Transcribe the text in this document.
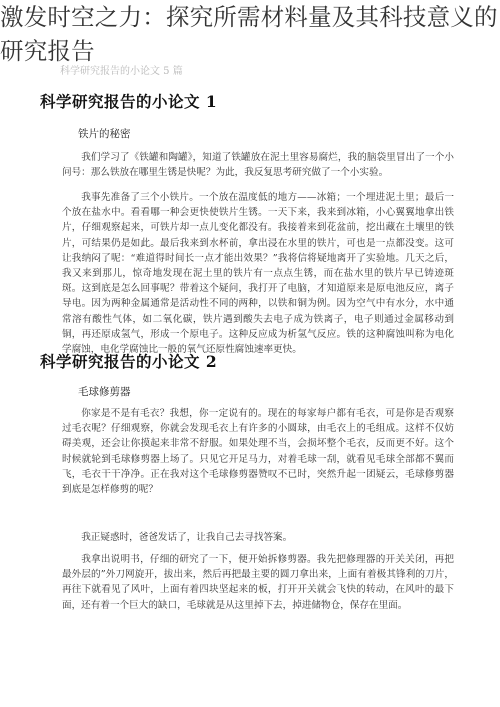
激发时空之力：探究所需材料量及其科技意义的研究报告
科学研究报告的小论文 5 篇
科学研究报告的小论文 1
铁片的秘密
我们学习了《铁罐和陶罐》，知道了铁罐放在泥土里容易腐烂，我的脑袋里冒出了一个小问号：那么铁放在哪里生锈是快呢？为此，我反复思考研究做了一个小实验。
我事先准备了三个小铁片。一个放在温度低的地方——冰箱；一个埋进泥土里；最后一个放在盐水中。看看哪一种会更快使铁片生锈。一天下来，我来到冰箱，小心翼翼地拿出铁片，仔细观察起来，可铁片却一点儿变化都没有。我接着来到花盆前，挖出藏在土壤里的铁片，可结果仍是如此。最后我来到水杯前，拿出浸在水里的铁片，可也是一点都没变。这可让我纳闷了呢：“难道得时间长一点才能出效果？”我将信将疑地离开了实验地。几天之后，我又来到那儿，惊奇地发现在泥土里的铁片有一点点生锈，而在盐水里的铁片早已铸迹斑斑。这到底是怎么回事呢？带着这个疑问，我打开了电脑，才知道原来是原电池反应，离子导电。因为两种金属通常是活动性不同的两种，以铁和铜为例。因为空气中有水分，水中通常溶有酸性气体，如二氧化碳，铁片遇到酸失去电子成为铁离子，电子则通过金属移动到铜，再还原成氢气，形成一个原电子。这种反应成为析氢气反应。铁的这种腐蚀叫称为电化学腐蚀，电化学腐蚀比一般的氧气还原性腐蚀速率更快。
科学研究报告的小论文 2
毛球修剪器
你家是不是有毛衣？我想，你一定说有的。现在的每家每户都有毛衣，可是你是否观察过毛衣呢？仔细观察，你就会发现毛衣上有许多的小圆球，由毛衣上的毛组成。这样不仅妨碍美观，还会让你摸起来非常不舒服。如果处理不当，会损坏整个毛衣，反而更不好。这个时候就轮到毛球修剪器上场了。只见它开足马力，对着毛球一刮，就看见毛球全部都不翼而飞，毛衣干干净净。正在我对这个毛球修剪器赞叹不已时，突然升起一团疑云，毛球修剪器到底是怎样修剪的呢？
我正疑惑时，爸爸发话了，让我自己去寻找答案。
我拿出说明书，仔细的研究了一下，便开始拆修剪器。我先把修理器的开关关闭，再把最外层的”外刀网旋开，拔出来，然后再把最主要的圆刀拿出来，上面有着极其锋利的刀片，再往下就看见了风叶，上面有着四块坚起来的板，打开开关就会飞快的转动，在风叶的最下面，还有着一个巨大的缺口，毛球就是从这里掉下去，掉进储物仓，保存在里面。
